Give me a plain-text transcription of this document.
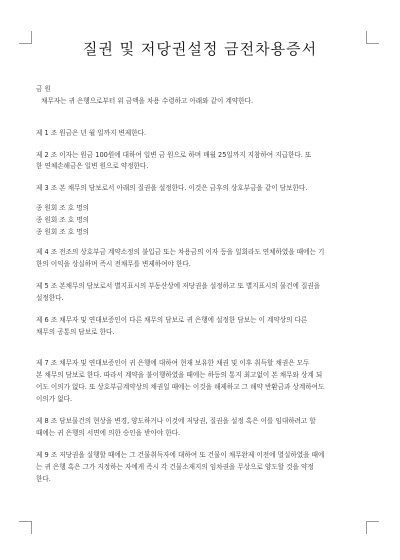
질권 및 저당권설정 금전차용증서
금 원
채무자는 귀 은행으로부터 위 금액을 차용 수령하고 아래와 같이 계약한다.
제 1 조 원금은 년 월 일까지 변제한다.
제 2 조 이자는 원금 100원에 대하여 일변 금 원으로 하며 매월 25일까지 지참하여 지급한다. 또
한 연체손해금은 일변 원으로 약정한다.
제 3 조 본 채무의 담보로서 아래의 질권을 설정한다. 이것은 금후의 상호부금을 같이 담보한다.
종 원회 조 호 명의
종 원회 조 호 명의
종 원회 조 호 명의
제 4 조 전조의 상호부금 계약소정의 불입금 또는 차용금의 이자 등을 일회라도 연체하였을 때에는 기
한의 이익을 상실하며 즉시 전채무를 변제하여야 한다.
제 5 조 본채무의 담보로서 별지표시의 부동산상에 저당권을 설정하고 또 별지표시의 물건에 질권을
설정한다.
제 6 조 채무자 및 연대보증인이 다른 채무의 담보로 귀 은행에 설정한 담보는 이 계약상의 다른
채무의 공통의 담보로 한다.
제 7 조 채무자 및 연대보증인이 귀 은행에 대하여 현재 보유한 채권 및 이후 취득할 채권은 모두
본 채무의 담보로 한다. 따라서 계약을 불이행하였을 때에는 하등의 통지 최고없이 본 채무와 상계 되
어도 이의가 없다. 또 상호부금계약상의 채권일 때에는 이것을 해제하고 그 해약 반환금과 상계하여도
이의가 없다.
제 8 조 담보물건의 현상을 변경, 양도하거나 이것에 저당권, 질권을 설정 혹은 이를 임대하려고 할
때에는 귀 은행의 서면에 의한 승인을 받아야 한다.
제 9 조 저당권을 실행할 때에는 그 건물취득자에 대하여 또 건물이 채무완제 이전에 멸실하였을 때에
는 귀 은행 혹은 그가 지정하는 자에게 즉시 각 건물소재지의 임차권을 무상으로 양도할 것을 약정
한다.
